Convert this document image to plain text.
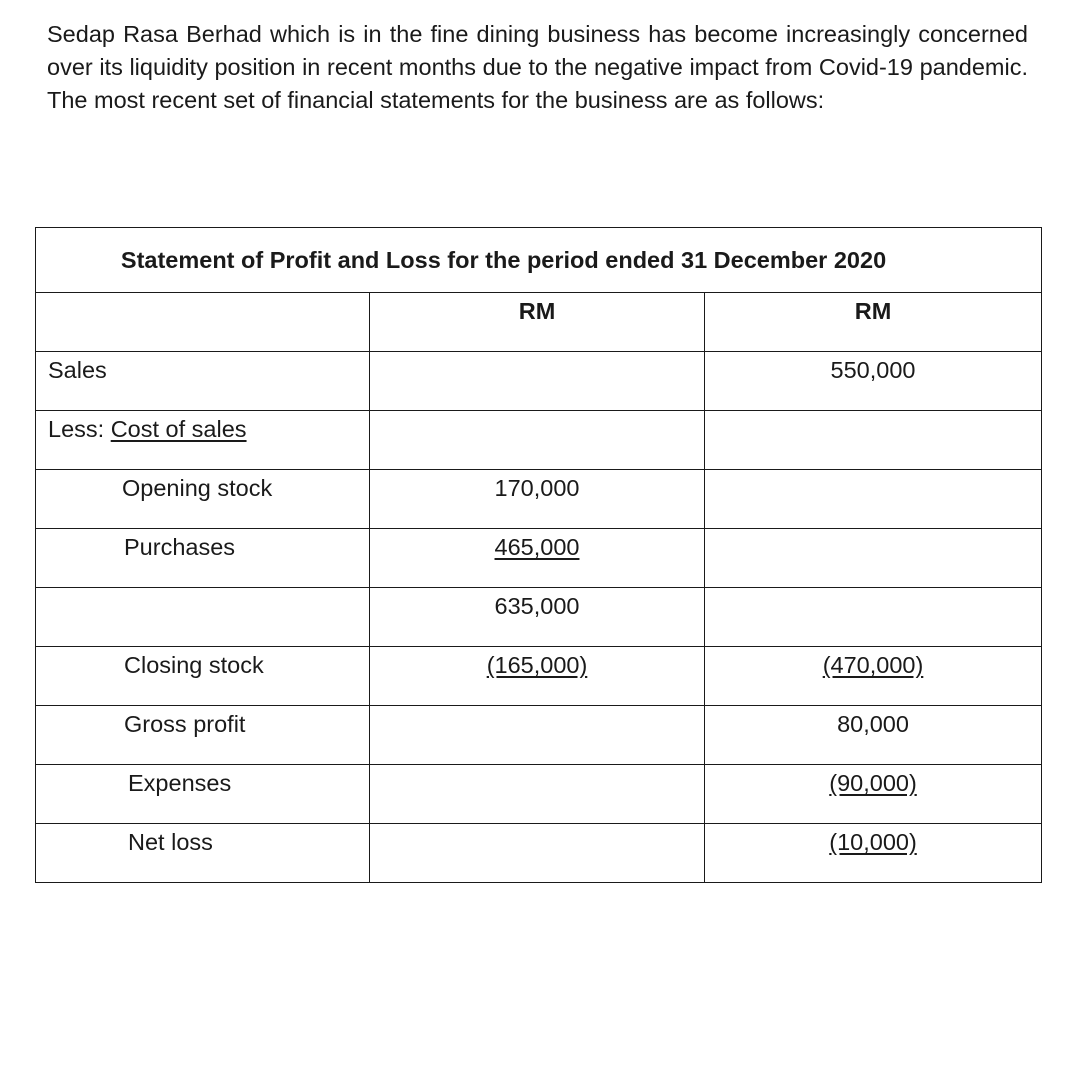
Sedap Rasa Berhad which is in the fine dining business has become increasingly concerned over its liquidity position in recent months due to the negative impact from Covid-19 pandemic. The most recent set of financial statements for the business are as follows:

Statement of Profit and Loss for the period ended 31 December 2020		

	RM	RM

Sales		550,000

Less: Cost of sales		

Opening stock	170,000	

Purchases	465,000	

	635,000	

Closing stock	(165,000)	(470,000)

Gross profit		80,000

Expenses		(90,000)

Net loss		(10,000)
